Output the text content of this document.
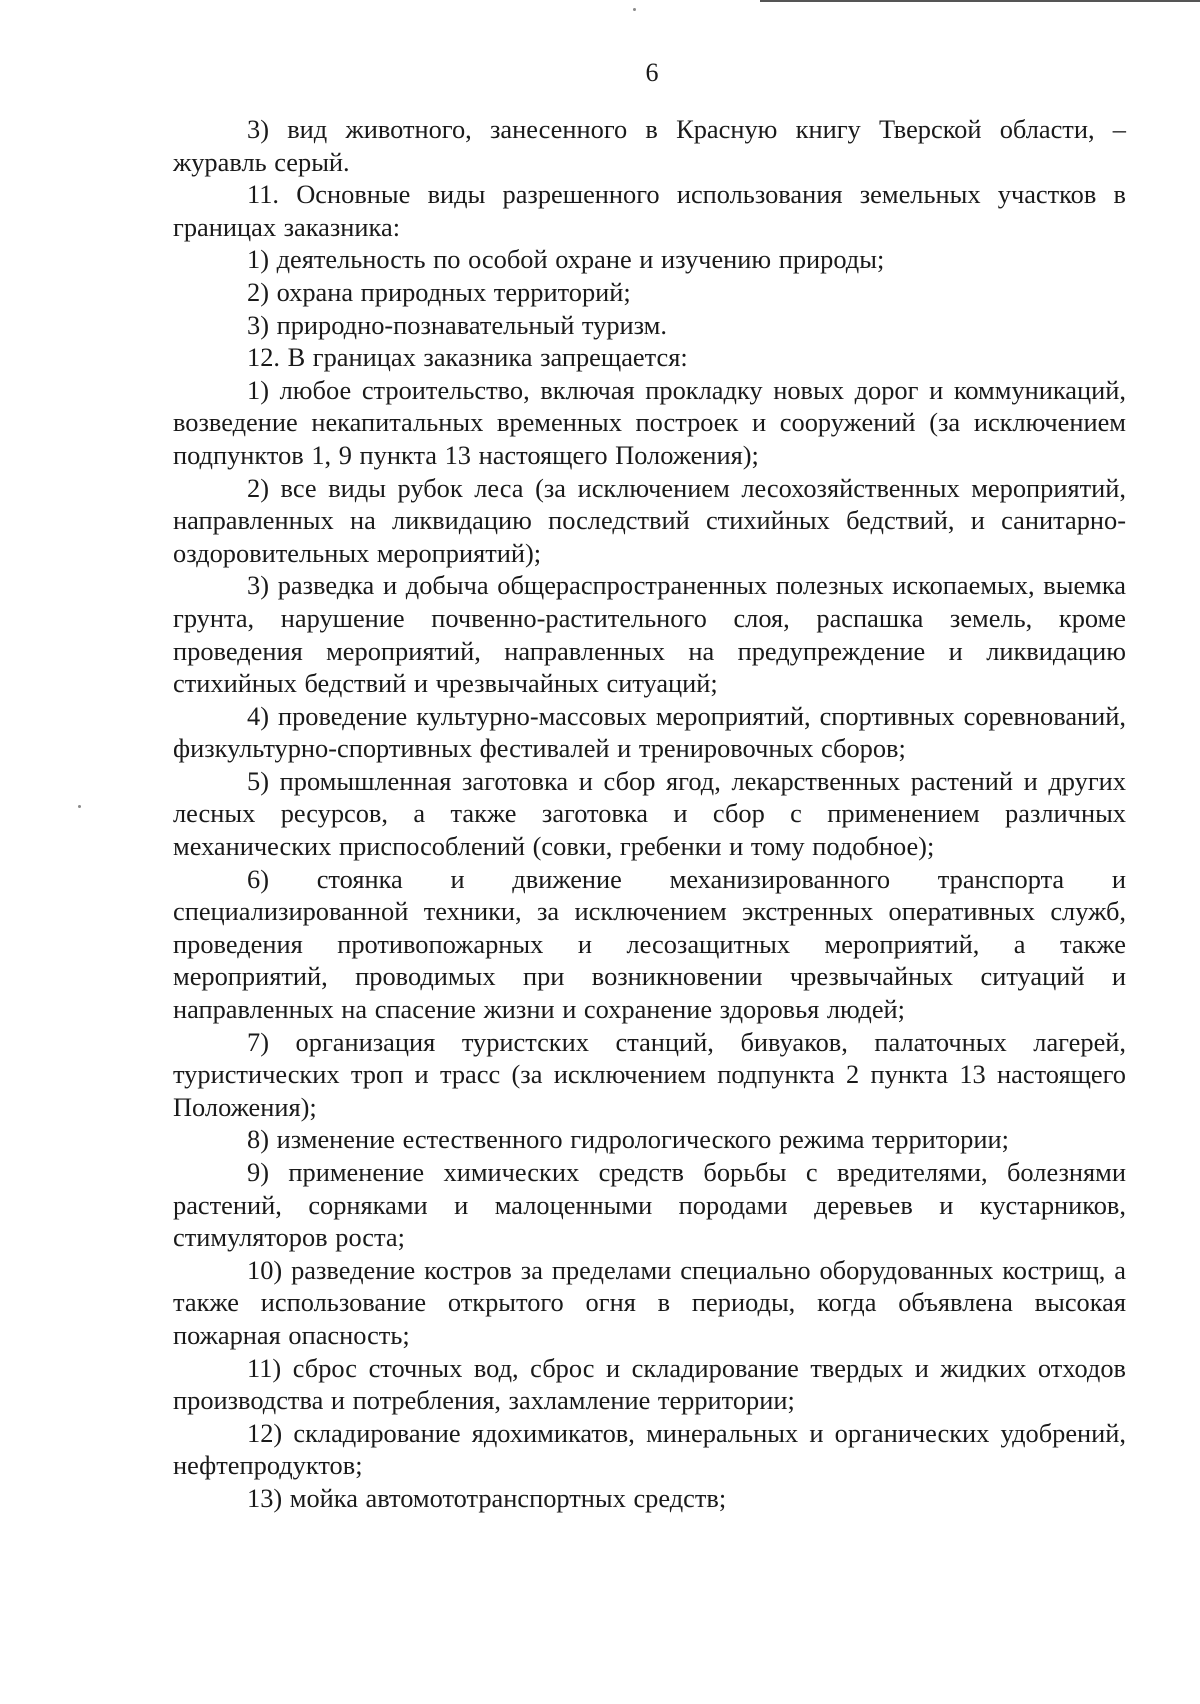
6

3) вид животного, занесенного в Красную книгу Тверской области, – журавль серый.

11. Основные виды разрешенного использования земельных участков в границах заказника:

1) деятельность по особой охране и изучению природы;

2) охрана природных территорий;

3) природно-познавательный туризм.

12. В границах заказника запрещается:

1) любое строительство, включая прокладку новых дорог и коммуникаций, возведение некапитальных временных построек и сооружений (за исключением подпунктов 1, 9 пункта 13 настоящего Положения);

2) все виды рубок леса (за исключением лесохозяйственных мероприятий, направленных на ликвидацию последствий стихийных бедствий, и санитарно-оздоровительных мероприятий);

3) разведка и добыча общераспространенных полезных ископаемых, выемка грунта, нарушение почвенно-растительного слоя, распашка земель, кроме проведения мероприятий, направленных на предупреждение и ликвидацию стихийных бедствий и чрезвычайных ситуаций;

4) проведение культурно-массовых мероприятий, спортивных соревнований, физкультурно-спортивных фестивалей и тренировочных сборов;

5) промышленная заготовка и сбор ягод, лекарственных растений и других лесных ресурсов, а также заготовка и сбор с применением различных механических приспособлений (совки, гребенки и тому подобное);

6) стоянка и движение механизированного транспорта и специализированной техники, за исключением экстренных оперативных служб, проведения противопожарных и лесозащитных мероприятий, а также мероприятий, проводимых при возникновении чрезвычайных ситуаций и направленных на спасение жизни и сохранение здоровья людей;

7) организация туристских станций, бивуаков, палаточных лагерей, туристических троп и трасс (за исключением подпункта 2 пункта 13 настоящего Положения);

8) изменение естественного гидрологического режима территории;

9) применение химических средств борьбы с вредителями, болезнями растений, сорняками и малоценными породами деревьев и кустарников, стимуляторов роста;

10) разведение костров за пределами специально оборудованных кострищ, а также использование открытого огня в периоды, когда объявлена высокая пожарная опасность;

11) сброс сточных вод, сброс и складирование твердых и жидких отходов производства и потребления, захламление территории;

12) складирование ядохимикатов, минеральных и органических удобрений, нефтепродуктов;

13) мойка автомототранспортных средств;
